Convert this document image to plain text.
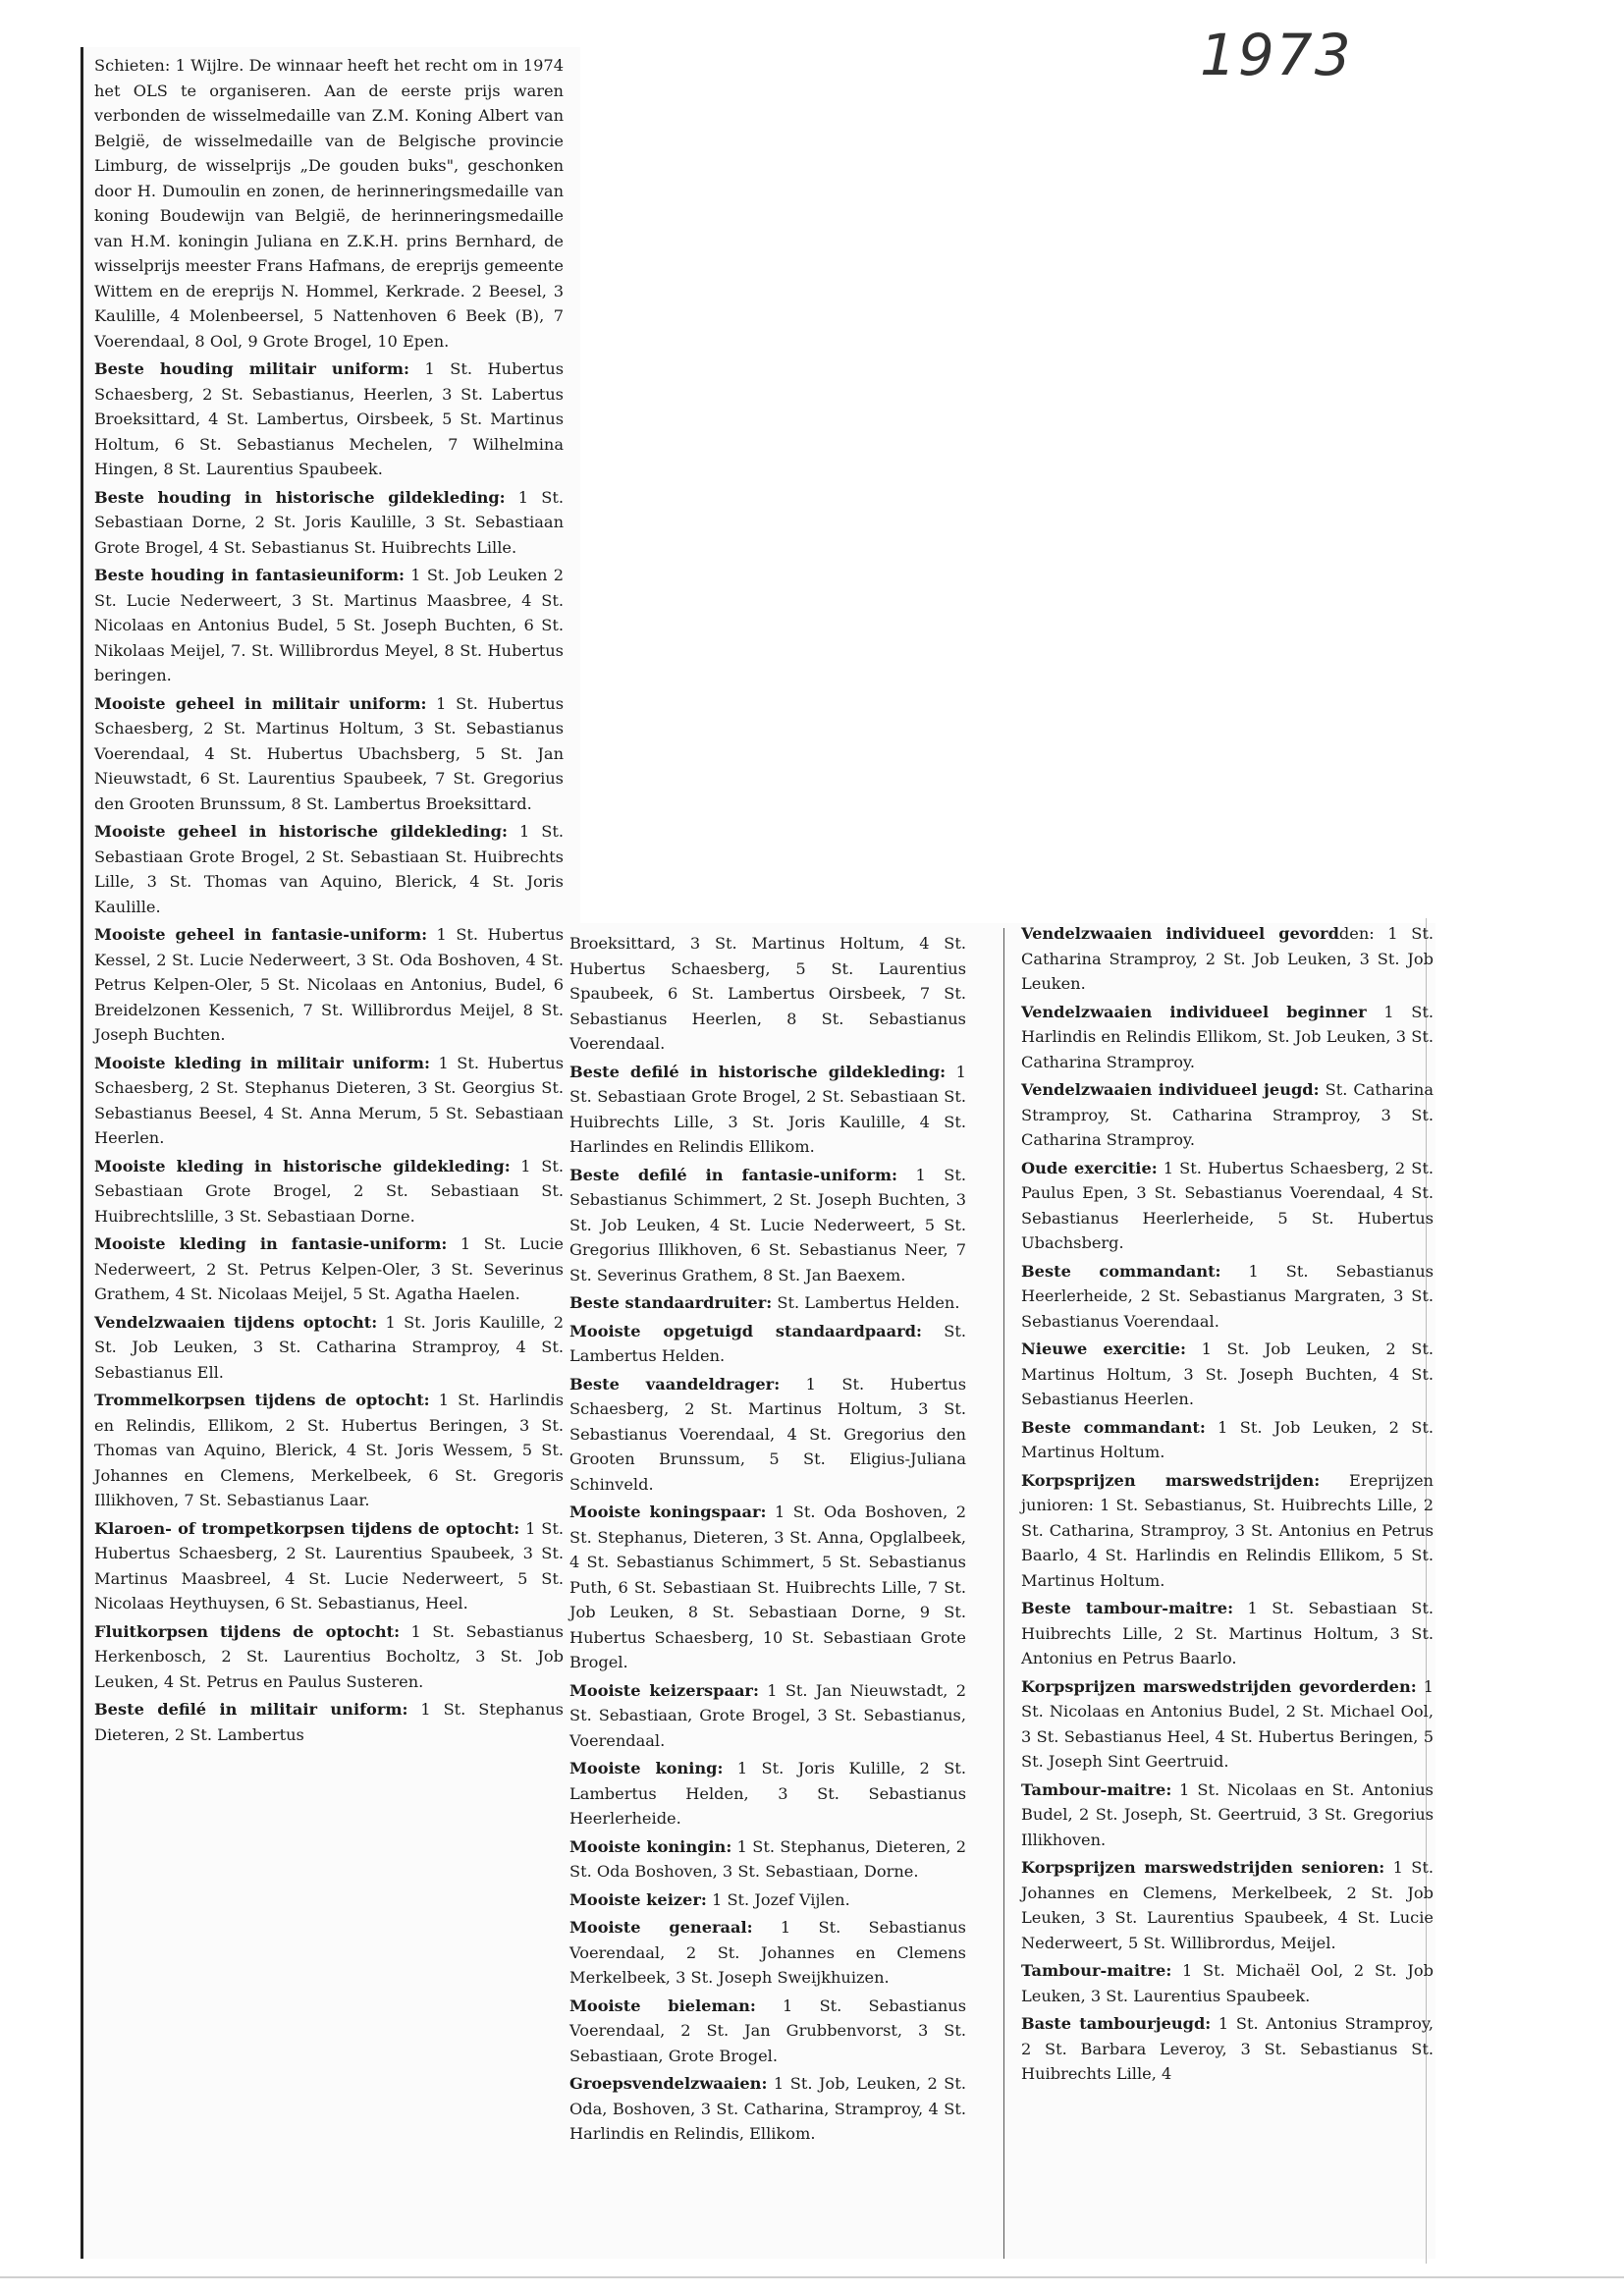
1973

Schieten: 1 Wijlre. De winnaar heeft het recht om in 1974 het OLS te organiseren. Aan de eerste prijs waren verbonden de wisselmedaille van Z.M. Koning Albert van België, de wisselmedaille van de Belgische provincie Limburg, de wisselprijs „De gouden buks", geschonken door H. Dumoulin en zonen, de herinneringsmedaille van koning Boudewijn van België, de herinneringsmedaille van H.M. koningin Juliana en Z.K.H. prins Bernhard, de wisselprijs meester Frans Hafmans, de ereprijs gemeente Wittem en de ereprijs N. Hommel, Kerkrade. 2 Beesel, 3 Kaulille, 4 Molenbeersel, 5 Nattenhoven 6 Beek (B), 7 Voerendaal, 8 Ool, 9 Grote Brogel, 10 Epen.

Beste houding militair uniform: 1 St. Hubertus Schaesberg, 2 St. Sebastianus, Heerlen, 3 St. Labertus Broeksittard, 4 St. Lambertus, Oirsbeek, 5 St. Martinus Holtum, 6 St. Sebastianus Mechelen, 7 Wilhelmina Hingen, 8 St. Laurentius Spaubeek.

Beste houding in historische gildekleding: 1 St. Sebastiaan Dorne, 2 St. Joris Kaulille, 3 St. Sebastiaan Grote Brogel, 4 St. Sebastianus St. Huibrechts Lille.

Beste houding in fantasieuniform: 1 St. Job Leuken 2 St. Lucie Nederweert, 3 St. Martinus Maasbree, 4 St. Nicolaas en Antonius Budel, 5 St. Joseph Buchten, 6 St. Nikolaas Meijel, 7. St. Willibrordus Meyel, 8 St. Hubertus beringen.

Mooiste geheel in militair uniform: 1 St. Hubertus Schaesberg, 2 St. Martinus Holtum, 3 St. Sebastianus Voerendaal, 4 St. Hubertus Ubachsberg, 5 St. Jan Nieuwstadt, 6 St. Laurentius Spaubeek, 7 St. Gregorius den Grooten Brunssum, 8 St. Lambertus Broeksittard.

Mooiste geheel in historische gildekleding: 1 St. Sebastiaan Grote Brogel, 2 St. Sebastiaan St. Huibrechts Lille, 3 St. Thomas van Aquino, Blerick, 4 St. Joris Kaulille.

Mooiste geheel in fantasie-uniform: 1 St. Hubertus Kessel, 2 St. Lucie Nederweert, 3 St. Oda Boshoven, 4 St. Petrus Kelpen-Oler, 5 St. Nicolaas en Antonius, Budel, 6 Breidelzonen Kessenich, 7 St. Willibrordus Meijel, 8 St. Joseph Buchten.

Mooiste kleding in militair uniform: 1 St. Hubertus Schaesberg, 2 St. Stephanus Dieteren, 3 St. Georgius St. Sebastianus Beesel, 4 St. Anna Merum, 5 St. Sebastiaan Heerlen.

Mooiste kleding in historische gildekleding: 1 St. Sebastiaan Grote Brogel, 2 St. Sebastiaan St. Huibrechtslille, 3 St. Sebastiaan Dorne.

Mooiste kleding in fantasie-uniform: 1 St. Lucie Nederweert, 2 St. Petrus Kelpen-Oler, 3 St. Severinus Grathem, 4 St. Nicolaas Meijel, 5 St. Agatha Haelen.

Vendelzwaaien tijdens optocht: 1 St. Joris Kaulille, 2 St. Job Leuken, 3 St. Catharina Stramproy, 4 St. Sebastianus Ell.

Trommelkorpsen tijdens de optocht: 1 St. Harlindis en Relindis, Ellikom, 2 St. Hubertus Beringen, 3 St. Thomas van Aquino, Blerick, 4 St. Joris Wessem, 5 St. Johannes en Clemens, Merkelbeek, 6 St. Gregoris Illikhoven, 7 St. Sebastianus Laar.

Klaroen- of trompetkorpsen tijdens de optocht: 1 St. Hubertus Schaesberg, 2 St. Laurentius Spaubeek, 3 St. Martinus Maasbreel, 4 St. Lucie Nederweert, 5 St. Nicolaas Heythuysen, 6 St. Sebastianus, Heel.

Fluitkorpsen tijdens de optocht: 1 St. Sebastianus Herkenbosch, 2 St. Laurentius Bocholtz, 3 St. Job Leuken, 4 St. Petrus en Paulus Susteren.

Beste defilé in militair uniform: 1 St. Stephanus Dieteren, 2 St. Lambertus

Broeksittard, 3 St. Martinus Holtum, 4 St. Hubertus Schaesberg, 5 St. Laurentius Spaubeek, 6 St. Lambertus Oirsbeek, 7 St. Sebastianus Heerlen, 8 St. Sebastianus Voerendaal.

Beste defilé in historische gildekleding: 1 St. Sebastiaan Grote Brogel, 2 St. Sebastiaan St. Huibrechts Lille, 3 St. Joris Kaulille, 4 St. Harlindes en Relindis Ellikom.

Beste defilé in fantasie-uniform: 1 St. Sebastianus Schimmert, 2 St. Joseph Buchten, 3 St. Job Leuken, 4 St. Lucie Nederweert, 5 St. Gregorius Illikhoven, 6 St. Sebastianus Neer, 7 St. Severinus Grathem, 8 St. Jan Baexem.

Beste standaardruiter: St. Lambertus Helden.

Mooiste opgetuigd standaardpaard: St. Lambertus Helden.

Beste vaandeldrager: 1 St. Hubertus Schaesberg, 2 St. Martinus Holtum, 3 St. Sebastianus Voerendaal, 4 St. Gregorius den Grooten Brunssum, 5 St. Eligius-Juliana Schinveld.

Mooiste koningspaar: 1 St. Oda Boshoven, 2 St. Stephanus, Dieteren, 3 St. Anna, Opglalbeek, 4 St. Sebastianus Schimmert, 5 St. Sebastianus Puth, 6 St. Sebastiaan St. Huibrechts Lille, 7 St. Job Leuken, 8 St. Sebastiaan Dorne, 9 St. Hubertus Schaesberg, 10 St. Sebastiaan Grote Brogel.

Mooiste keizerspaar: 1 St. Jan Nieuwstadt, 2 St. Sebastiaan, Grote Brogel, 3 St. Sebastianus, Voerendaal.

Mooiste koning: 1 St. Joris Kulille, 2 St. Lambertus Helden, 3 St. Sebastianus Heerlerheide.

Mooiste koningin: 1 St. Stephanus, Dieteren, 2 St. Oda Boshoven, 3 St. Sebastiaan, Dorne.

Mooiste keizer: 1 St. Jozef Vijlen.

Mooiste generaal: 1 St. Sebastianus Voerendaal, 2 St. Johannes en Clemens Merkelbeek, 3 St. Joseph Sweijkhuizen.

Mooiste bieleman: 1 St. Sebastianus Voerendaal, 2 St. Jan Grubbenvorst, 3 St. Sebastiaan, Grote Brogel.

Groepsvendelzwaaien: 1 St. Job, Leuken, 2 St. Oda, Boshoven, 3 St. Catharina, Stramproy, 4 St. Harlindis en Relindis, Ellikom.

Vendelzwaaien individueel gevordden: 1 St. Catharina Stramproy, 2 St. Job Leuken, 3 St. Job Leuken.

Vendelzwaaien individueel beginner 1 St. Harlindis en Relindis Ellikom, St. Job Leuken, 3 St. Catharina Stramproy.

Vendelzwaaien individueel jeugd: St. Catharina Stramproy, St. Catharina Stramproy, 3 St. Catharina Stramproy.

Oude exercitie: 1 St. Hubertus Schaesberg, 2 St. Paulus Epen, 3 St. Sebastianus Voerendaal, 4 St. Sebastianus Heerlerheide, 5 St. Hubertus Ubachsberg.

Beste commandant: 1 St. Sebastianus Heerlerheide, 2 St. Sebastianus Margraten, 3 St. Sebastianus Voerendaal.

Nieuwe exercitie: 1 St. Job Leuken, 2 St. Martinus Holtum, 3 St. Joseph Buchten, 4 St. Sebastianus Heerlen.

Beste commandant: 1 St. Job Leuken, 2 St. Martinus Holtum.

Korpsprijzen marswedstrijden: Ereprijzen junioren: 1 St. Sebastianus, St. Huibrechts Lille, 2 St. Catharina, Stramproy, 3 St. Antonius en Petrus Baarlo, 4 St. Harlindis en Relindis Ellikom, 5 St. Martinus Holtum.

Beste tambour-maitre: 1 St. Sebastiaan St. Huibrechts Lille, 2 St. Martinus Holtum, 3 St. Antonius en Petrus Baarlo.

Korpsprijzen marswedstrijden gevorderden: 1 St. Nicolaas en Antonius Budel, 2 St. Michael Ool, 3 St. Sebastianus Heel, 4 St. Hubertus Beringen, 5 St. Joseph Sint Geertruid.

Tambour-maitre: 1 St. Nicolaas en St. Antonius Budel, 2 St. Joseph, St. Geertruid, 3 St. Gregorius Illikhoven.

Korpsprijzen marswedstrijden senioren: 1 St. Johannes en Clemens, Merkelbeek, 2 St. Job Leuken, 3 St. Laurentius Spaubeek, 4 St. Lucie Nederweert, 5 St. Willibrordus, Meijel.

Tambour-maitre: 1 St. Michaël Ool, 2 St. Job Leuken, 3 St. Laurentius Spaubeek.

Baste tambourjeugd: 1 St. Antonius Stramproy, 2 St. Barbara Leveroy, 3 St. Sebastianus St. Huibrechts Lille, 4
